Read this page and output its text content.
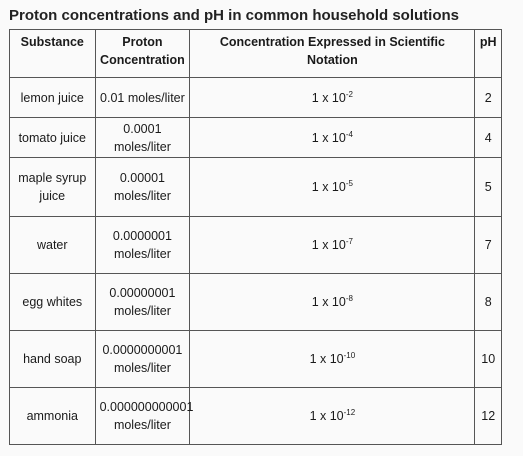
Proton concentrations and pH in common household solutions
Substance	Proton Concentration	Concentration Expressed in Scientific Notation	pH
lemon juice	0.01 moles/liter	1 x $10^{-2}$	2
tomato juice	0.0001 moles/liter	1 x $10^{-4}$	4
maple syrup juice	0.00001 moles/liter	1 x $10^{-5}$	5
water	0.0000001 moles/liter	1 x $10^{-7}$	7
egg whites	0.00000001 moles/liter	1 x $10^{-8}$	8
hand soap	0.0000000001 moles/liter	1 x $10^{-10}$	10
ammonia	0.000000000001 moles/liter	1 x $10^{-12}$	12
